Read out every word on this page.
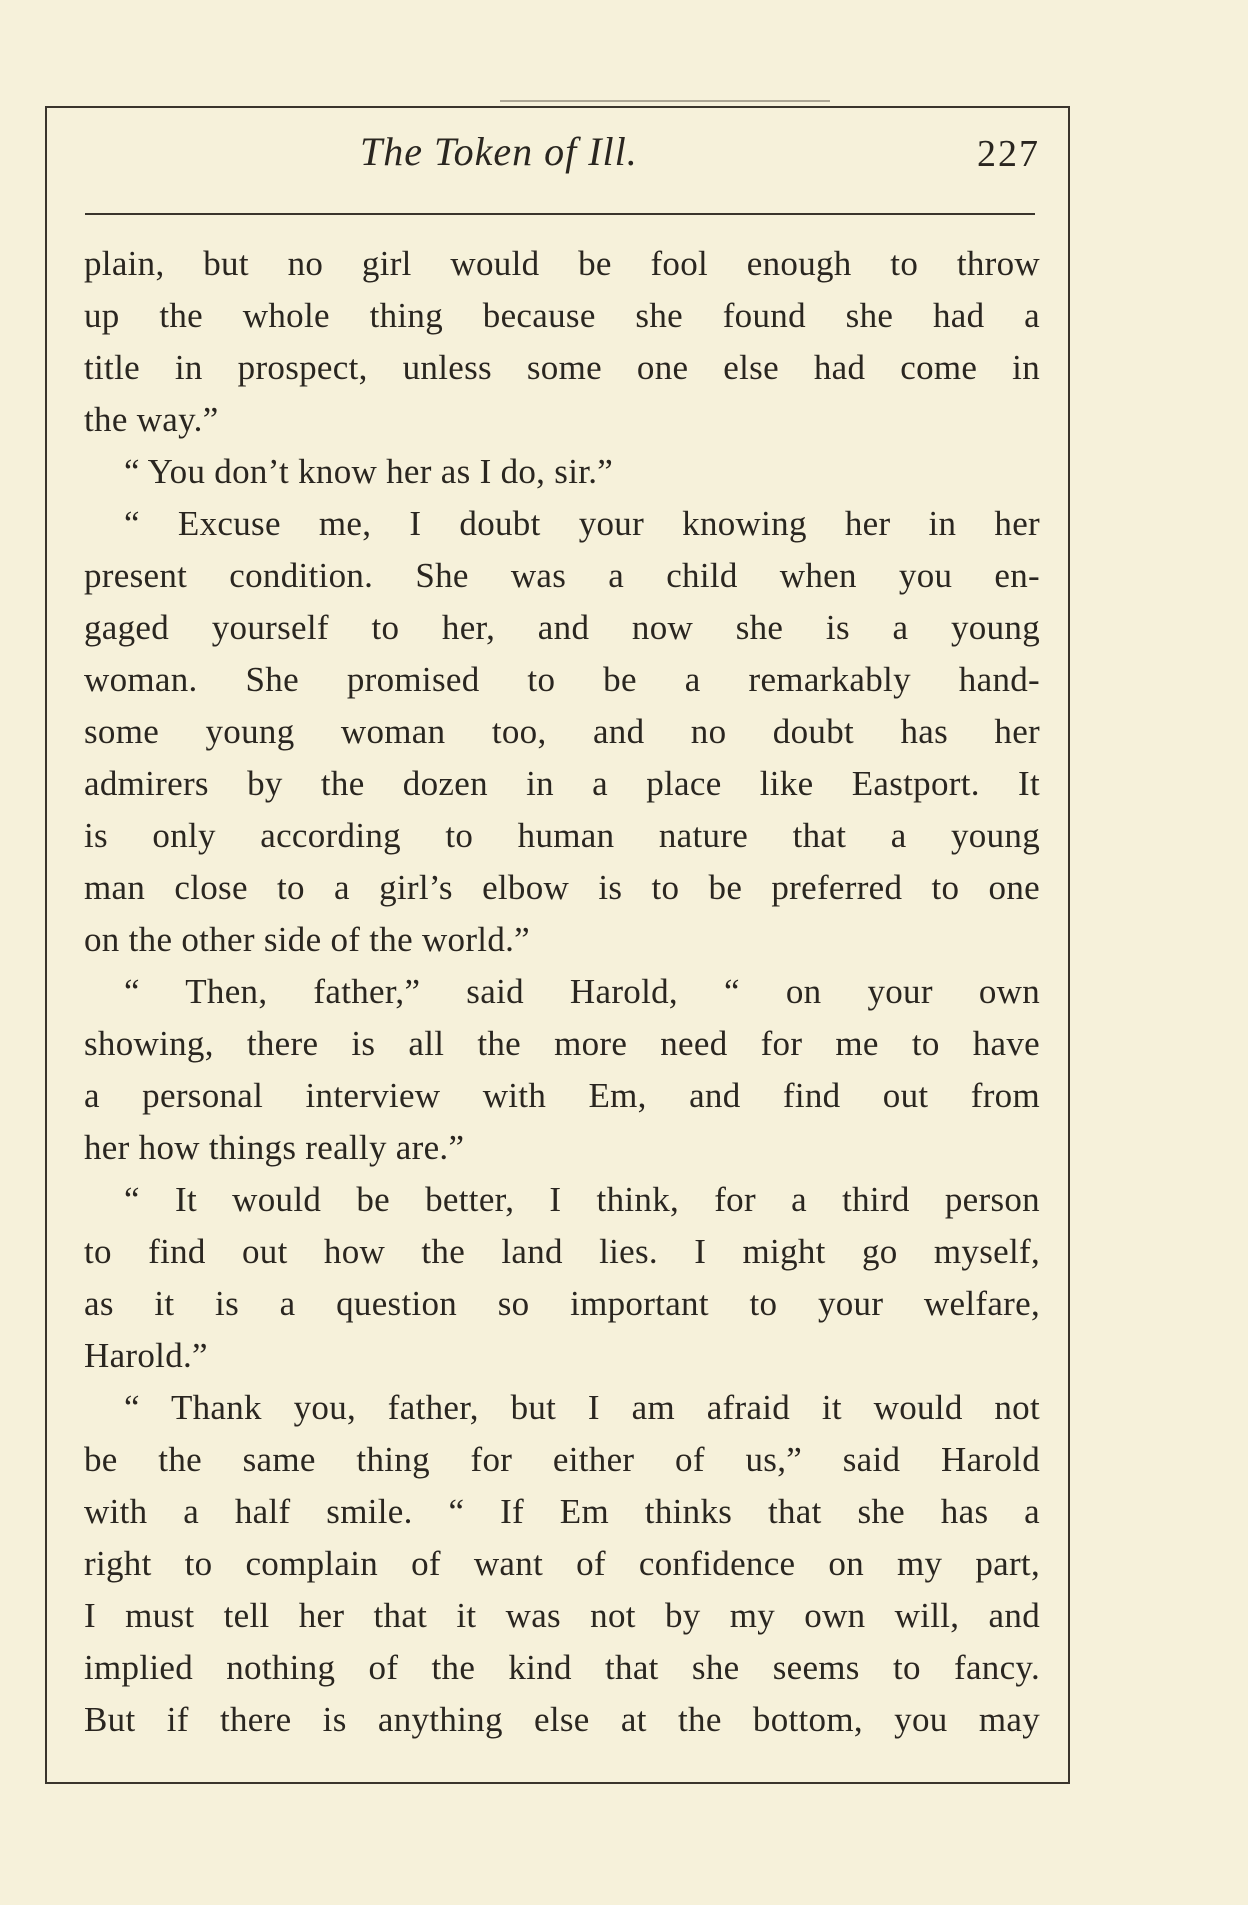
The Token of Ill.	227
plain, but no girl would be fool enough to throw
up the whole thing because she found she had a
title in prospect, unless some one else had come in
the way.”
“ You don’t know her as I do, sir.”
“ Excuse me, I doubt your knowing her in her
present condition. She was a child when you en-
gaged yourself to her, and now she is a young
woman. She promised to be a remarkably hand-
some young woman too, and no doubt has her
admirers by the dozen in a place like Eastport. It
is only according to human nature that a young
man close to a girl’s elbow is to be preferred to one
on the other side of the world.”
“ Then, father,” said Harold, “ on your own
showing, there is all the more need for me to have
a personal interview with Em, and find out from
her how things really are.”
“ It would be better, I think, for a third person
to find out how the land lies. I might go myself,
as it is a question so important to your welfare,
Harold.”
“ Thank you, father, but I am afraid it would not
be the same thing for either of us,” said Harold
with a half smile. “ If Em thinks that she has a
right to complain of want of confidence on my part,
I must tell her that it was not by my own will, and
implied nothing of the kind that she seems to fancy.
But if there is anything else at the bottom, you may
